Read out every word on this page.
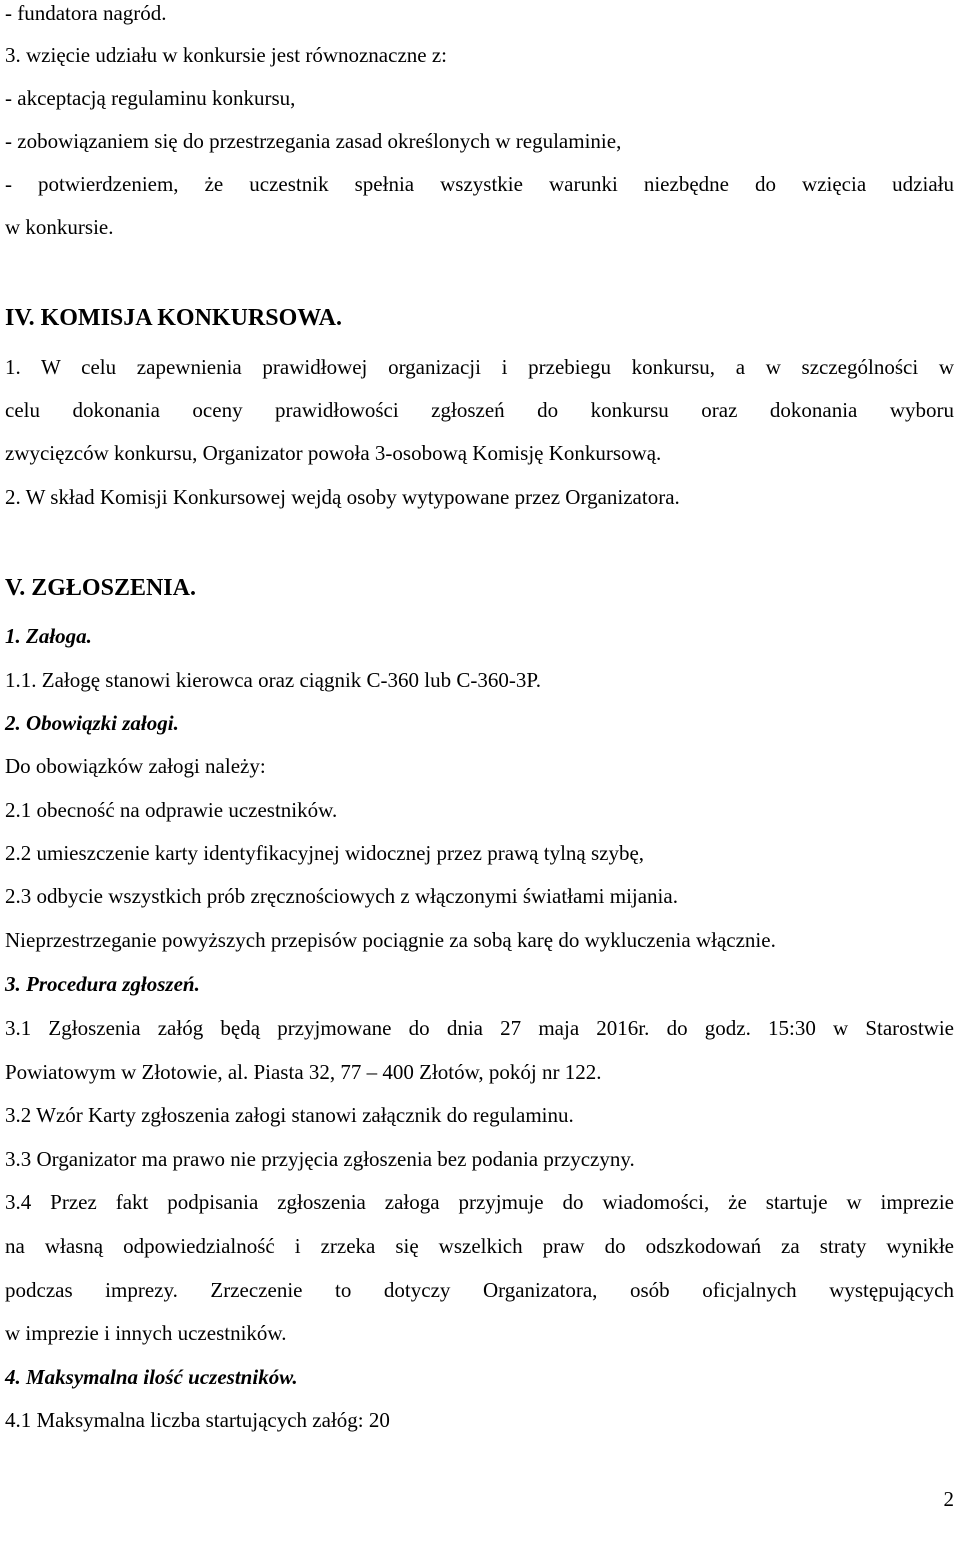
- fundatora nagród.
3. wzięcie udziału w konkursie jest równoznaczne z:
- akceptacją regulaminu konkursu,
- zobowiązaniem się do przestrzegania zasad określonych w regulaminie,
- potwierdzeniem, że uczestnik spełnia wszystkie warunki niezbędne do wzięcia udziału
w konkursie.
IV. KOMISJA KONKURSOWA.
1. W celu zapewnienia prawidłowej organizacji i przebiegu konkursu, a w szczególności w
celu dokonania oceny prawidłowości zgłoszeń do konkursu oraz dokonania wyboru
zwycięzców konkursu, Organizator powoła 3-osobową Komisję Konkursową.
2. W skład Komisji Konkursowej wejdą osoby wytypowane przez Organizatora.
V. ZGŁOSZENIA.
1. Załoga.
1.1. Załogę stanowi kierowca oraz ciągnik C-360 lub C-360-3P.
2. Obowiązki załogi.
Do obowiązków załogi należy:
2.1 obecność na odprawie uczestników.
2.2 umieszczenie karty identyfikacyjnej widocznej przez prawą tylną szybę,
2.3 odbycie wszystkich prób zręcznościowych z włączonymi światłami mijania.
Nieprzestrzeganie powyższych przepisów pociągnie za sobą karę do wykluczenia włącznie.
3. Procedura zgłoszeń.
3.1 Zgłoszenia załóg będą przyjmowane do dnia 27 maja 2016r. do godz. 15:30 w Starostwie
Powiatowym w Złotowie, al. Piasta 32, 77 – 400 Złotów, pokój nr 122.
3.2 Wzór Karty zgłoszenia załogi stanowi załącznik do regulaminu.
3.3 Organizator ma prawo nie przyjęcia zgłoszenia bez podania przyczyny.
3.4 Przez fakt podpisania zgłoszenia załoga przyjmuje do wiadomości, że startuje w imprezie
na własną odpowiedzialność i zrzeka się wszelkich praw do odszkodowań za straty wynikłe
podczas imprezy. Zrzeczenie to dotyczy Organizatora, osób oficjalnych występujących
w imprezie i innych uczestników.
4. Maksymalna ilość uczestników.
4.1 Maksymalna liczba startujących załóg: 20
2
